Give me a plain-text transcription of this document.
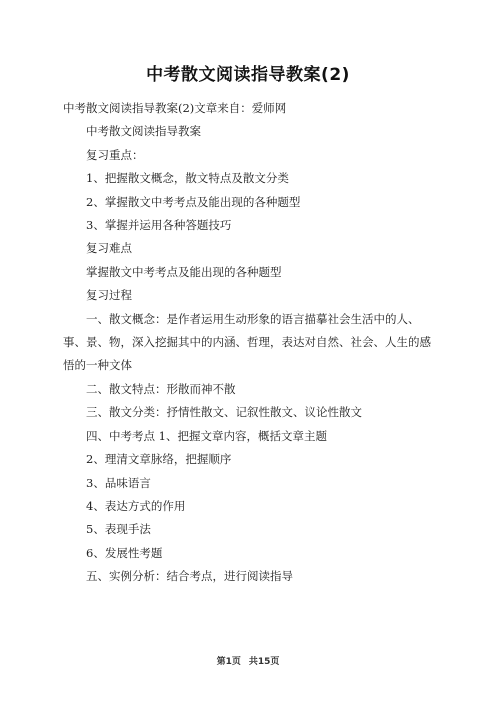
中考散文阅读指导教案(2)

中考散文阅读指导教案(2)文章来自：爱师网

中考散文阅读指导教案

复习重点：

1、把握散文概念，散文特点及散文分类

2、掌握散文中考考点及能出现的各种题型

3、掌握并运用各种答题技巧

复习难点

掌握散文中考考点及能出现的各种题型

复习过程

一、散文概念：是作者运用生动形象的语言描摹社会生活中的人、事、景、物，深入挖掘其中的内涵、哲理，表达对自然、社会、人生的感悟的一种文体

二、散文特点：形散而神不散

三、散文分类：抒情性散文、记叙性散文、议论性散文

四、中考考点 1、把握文章内容，概括文章主题

2、理清文章脉络，把握顺序

3、品味语言

4、表达方式的作用

5、表现手法

6、发展性考题

五、实例分析：结合考点，进行阅读指导

第1页 共15页
